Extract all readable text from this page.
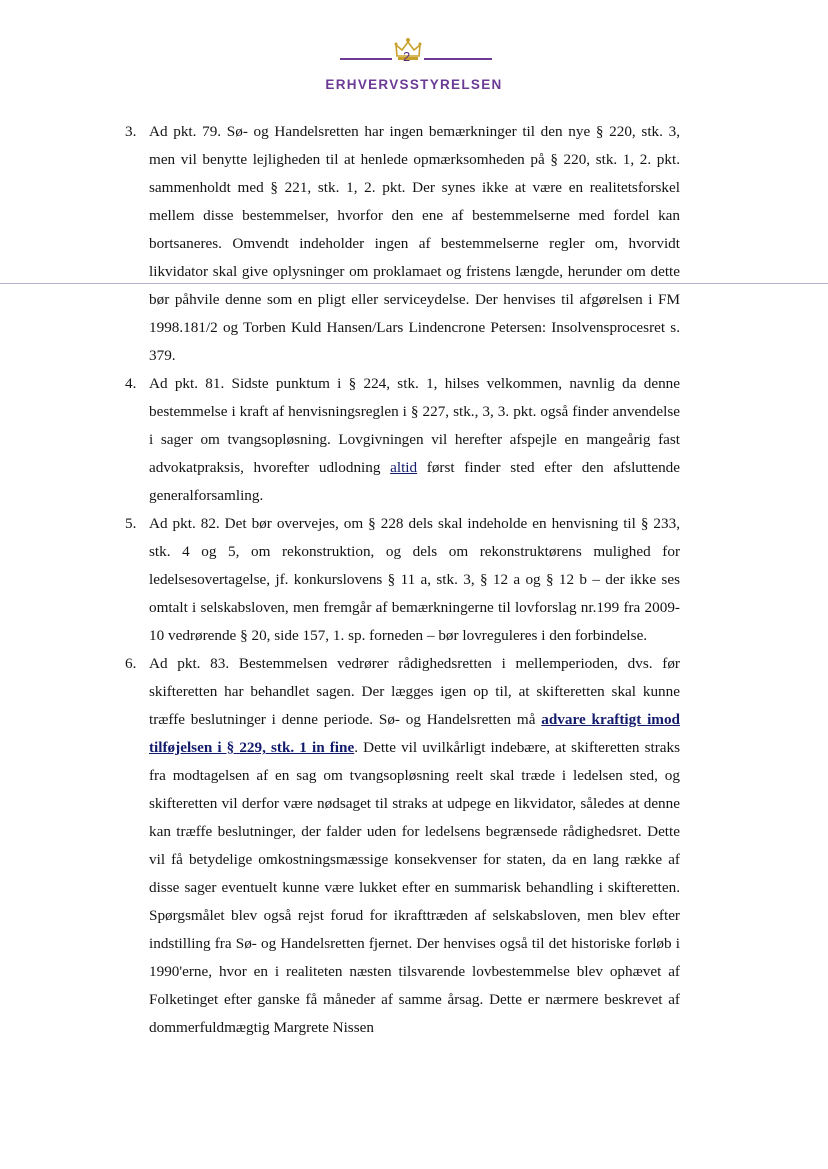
2
ERHVERVSSTYRELSEN
3. Ad pkt. 79. Sø- og Handelsretten har ingen bemærkninger til den nye § 220, stk. 3, men vil benytte lejligheden til at henlede opmærksomheden på § 220, stk. 1, 2. pkt. sammenholdt med § 221, stk. 1, 2. pkt. Der synes ikke at være en realitetsforskel mellem disse bestemmelser, hvorfor den ene af bestemmelserne med fordel kan bortsaneres. Omvendt indeholder ingen af bestemmelserne regler om, hvorvidt likvidator skal give oplysninger om proklamaet og fristens længde, herunder om dette bør påhvile denne som en pligt eller serviceydelse. Der henvises til afgørelsen i FM 1998.181/2 og Torben Kuld Hansen/Lars Lindencrone Petersen: Insolvensprocesret s. 379.
4. Ad pkt. 81. Sidste punktum i § 224, stk. 1, hilses velkommen, navnlig da denne bestemmelse i kraft af henvisningsreglen i § 227, stk., 3, 3. pkt. også finder anvendelse i sager om tvangsopløsning. Lovgivningen vil herefter afspejle en mangeårig fast advokatpraksis, hvorefter udlodning altid først finder sted efter den afsluttende generalforsamling.
5. Ad pkt. 82. Det bør overvejes, om § 228 dels skal indeholde en henvisning til § 233, stk. 4 og 5, om rekonstruktion, og dels om rekonstruktørens mulighed for ledelsesovertagelse, jf. konkurslovens § 11 a, stk. 3, § 12 a og § 12 b – der ikke ses omtalt i selskabsloven, men fremgår af bemærkningerne til lovforslag nr.199 fra 2009-10 vedrørende § 20, side 157, 1. sp. forneden – bør lovreguleres i den forbindelse.
6. Ad pkt. 83. Bestemmelsen vedrører rådighedsretten i mellemperioden, dvs. før skifteretten har behandlet sagen. Der lægges igen op til, at skifteretten skal kunne træffe beslutninger i denne periode. Sø- og Handelsretten må advare kraftigt imod tilføjelsen i § 229, stk. 1 in fine. Dette vil uvilkårligt indebære, at skifteretten straks fra modtagelsen af en sag om tvangsopløsning reelt skal træde i ledelsen sted, og skifteretten vil derfor være nødsaget til straks at udpege en likvidator, således at denne kan træffe beslutninger, der falder uden for ledelsens begrænsede rådighedsret. Dette vil få betydelige omkostningsmæssige konsekvenser for staten, da en lang række af disse sager eventuelt kunne være lukket efter en summarisk behandling i skifteretten. Spørgsmålet blev også rejst forud for ikrafttræden af selskabsloven, men blev efter indstilling fra Sø- og Handelsretten fjernet. Der henvises også til det historiske forløb i 1990'erne, hvor en i realiteten næsten tilsvarende lovbestemmelse blev ophævet af Folketinget efter ganske få måneder af samme årsag. Dette er nærmere beskrevet af dommerfuldmægtig Margrete Nissen
